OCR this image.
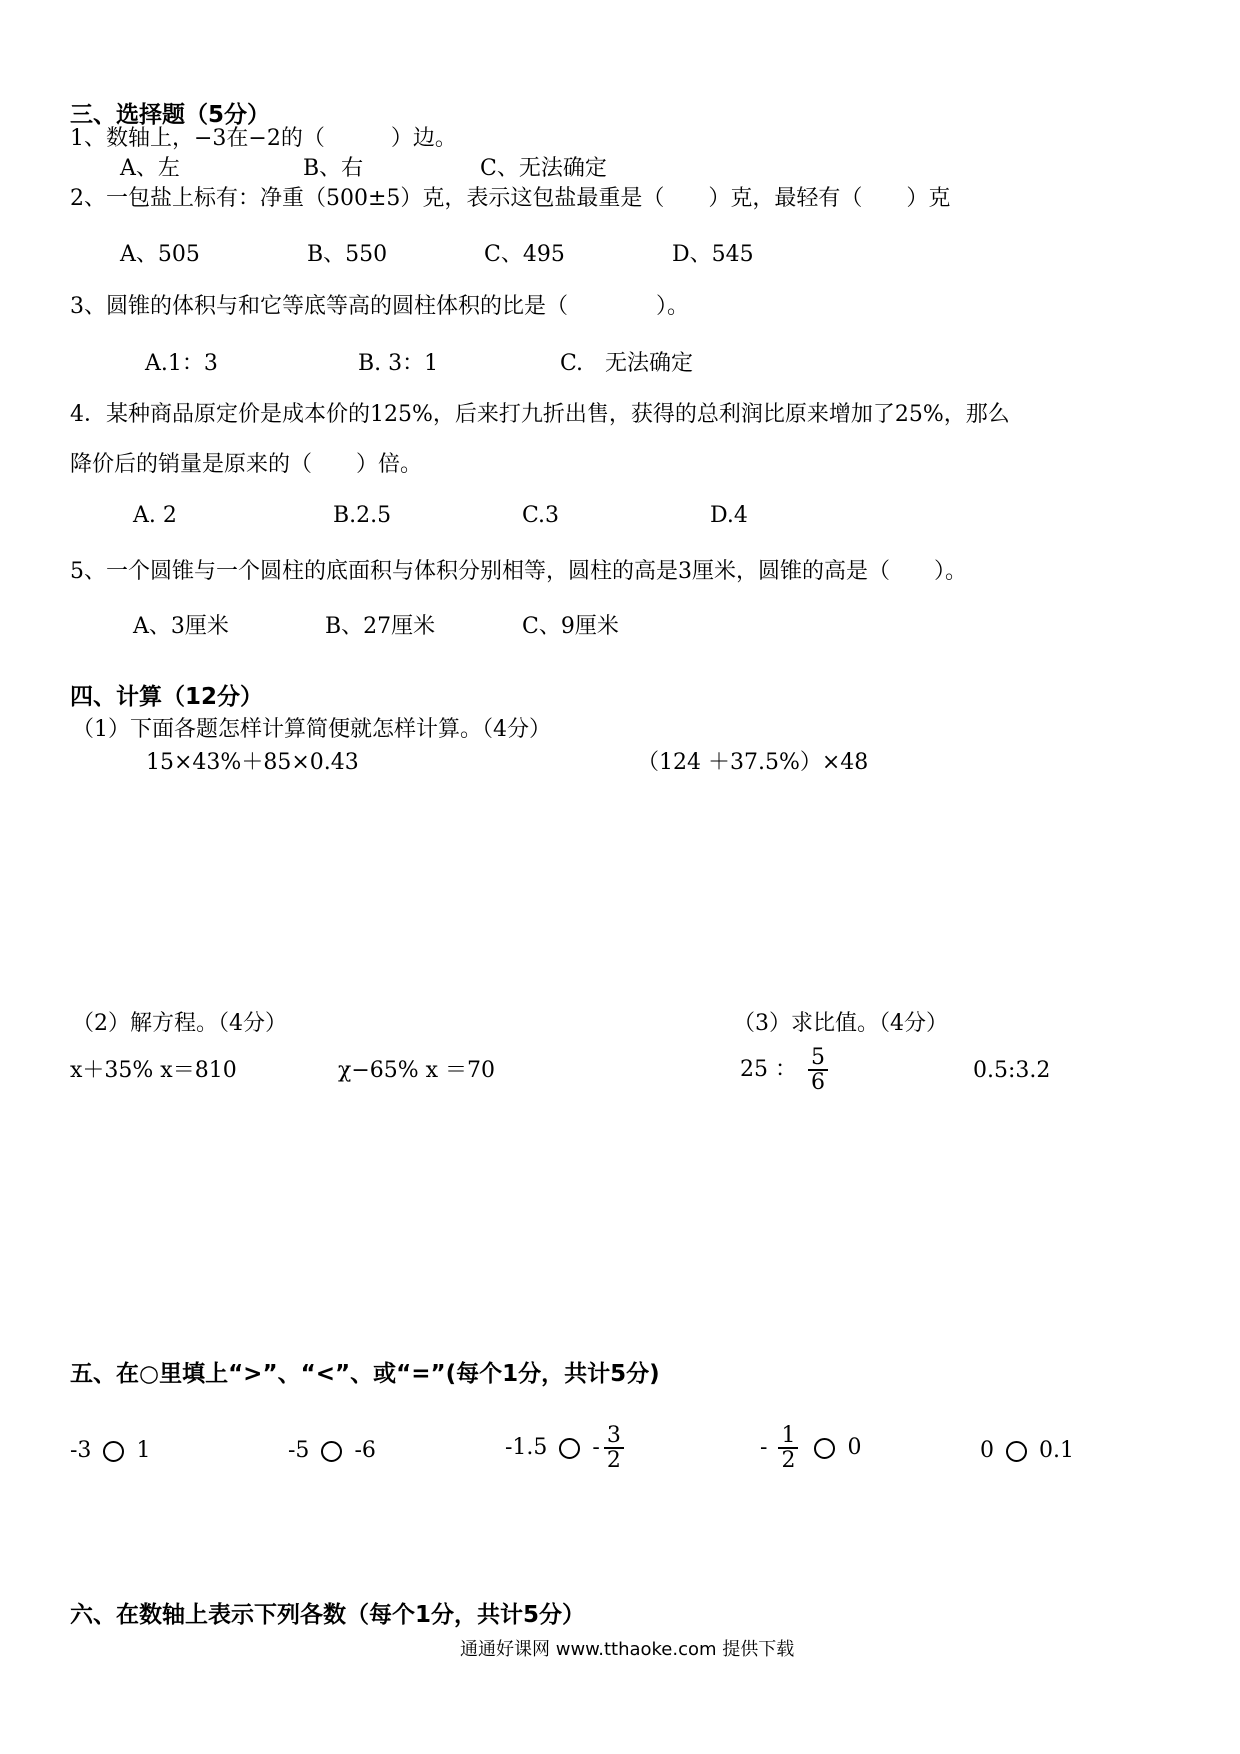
三、选择题（5分）
1、数轴上，−3在−2的（　　　）边。
A、左	B、右	C、无法确定
2、一包盐上标有：净重（500±5）克，表示这包盐最重是（　　）克，最轻有（　　）克
A、505	B、550	C、495	D、545
3、圆锥的体积与和它等底等高的圆柱体积的比是（　　　　）。
A.1：3	B. 3：1	C.　无法确定
4．某种商品原定价是成本价的125%，后来打九折出售，获得的总利润比原来增加了25%，那么
降价后的销量是原来的（　　）倍。
A. 2	B.2.5	C.3	D.4
5、一个圆锥与一个圆柱的底面积与体积分别相等，圆柱的高是3厘米，圆锥的高是（　　）。
A、3厘米	B、27厘米	C、9厘米
四、计算（12分）
（1）下面各题怎样计算简便就怎样计算。（4分）
15×43%＋85×0.43	（124 ＋37.5%）×48
（2）解方程。（4分）
x＋35% x＝810	χ−65% x ＝70
（3）求比值。（4分）
25 ： $\frac{5}{6}$	0.5:3.2
五、在○里填上“>”、“<”、或“=”(每个1分，共计5分)
-3 1	-5 -6	$-1.5 - \frac{3}{2}$	- $\frac{1}{2} 0$	0 0.1
六、在数轴上表示下列各数（每个1分，共计5分）
通通好课网 www.tthaoke.com 提供下载
